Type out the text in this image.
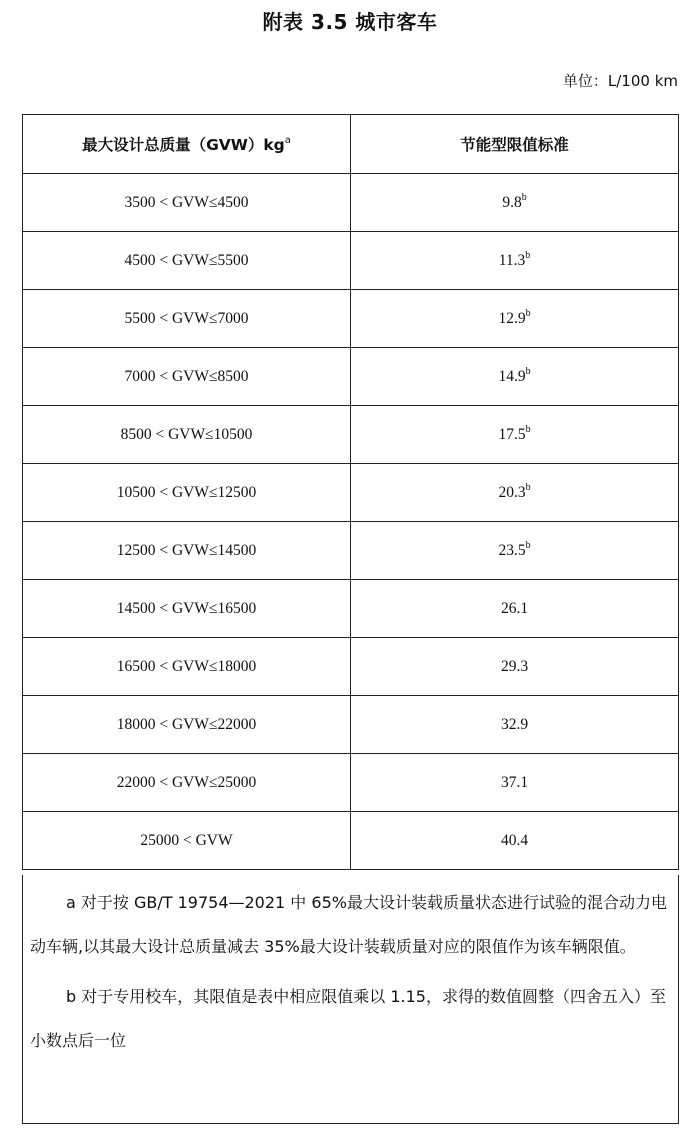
附表 3.5 城市客车
单位：L/100 km
最大设计总质量$(GVW)kg^a$	节能型限值标准
3500 < GVW≤4500	9.8$^b$
4500 < GVW≤5500	11.3$^b$
5500 < GVW≤7000	12.9$^b$
7000 < GVW≤8500	14.9$^b$
8500 < GVW≤10500	17.5$^b$
10500 < GVW≤12500	20.3$^b$
12500 < GVW≤14500	23.5$^b$
14500 < GVW≤16500	26.1
16500 < GVW≤18000	29.3
18000 < GVW≤22000	32.9
22000 < GVW≤25000	37.1
25000 < GVW	40.4

a 对于按 GB/T 19754—2021 中 65%最大设计装载质量状态进行试验的混合动力电动车辆,以其最大设计总质量减去 35%最大设计装载质量对应的限值作为该车辆限值。

b 对于专用校车，其限值是表中相应限值乘以 1.15，求得的数值圆整（四舍五入）至小数点后一位
